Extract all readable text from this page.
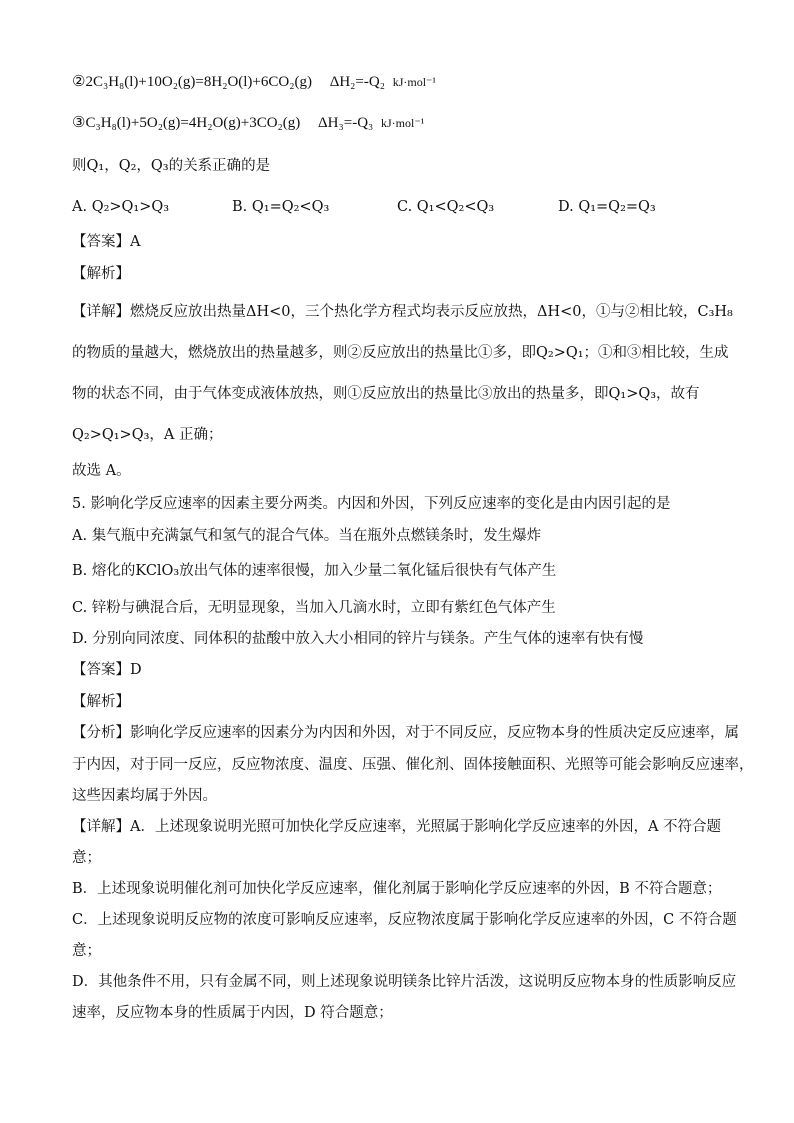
②2C₃H₈(l)+10O₂(g)=8H₂O(l)+6CO₂(g) ΔH₂=-Q₂ kJ·mol⁻¹
③C₃H₈(l)+5O₂(g)=4H₂O(g)+3CO₂(g) ΔH₃=-Q₃ kJ·mol⁻¹
则Q₁，Q₂，Q₃的关系正确的是
A. Q₂>Q₁>Q₃	B. Q₁=Q₂<Q₃	C. Q₁<Q₂<Q₃	D. Q₁=Q₂=Q₃
【答案】A
【解析】
【详解】燃烧反应放出热量ΔH<0，三个热化学方程式均表示反应放热，ΔH<0，①与②相比较，C₃H₈
的物质的量越大，燃烧放出的热量越多，则②反应放出的热量比①多，即Q₂>Q₁；①和③相比较，生成
物的状态不同，由于气体变成液体放热，则①反应放出的热量比③放出的热量多，即Q₁>Q₃，故有
Q₂>Q₁>Q₃，A 正确；
故选 A。
5. 影响化学反应速率的因素主要分两类。内因和外因，下列反应速率的变化是由内因引起的是
A. 集气瓶中充满氯气和氢气的混合气体。当在瓶外点燃镁条时，发生爆炸
B. 熔化的KClO₃放出气体的速率很慢，加入少量二氧化锰后很快有气体产生
C. 锌粉与碘混合后，无明显现象，当加入几滴水时，立即有紫红色气体产生
D. 分别向同浓度、同体积的盐酸中放入大小相同的锌片与镁条。产生气体的速率有快有慢
【答案】D
【解析】
【分析】影响化学反应速率的因素分为内因和外因，对于不同反应，反应物本身的性质决定反应速率，属
于内因，对于同一反应，反应物浓度、温度、压强、催化剂、固体接触面积、光照等可能会影响反应速率，
这些因素均属于外因。
【详解】A．上述现象说明光照可加快化学反应速率，光照属于影响化学反应速率的外因，A 不符合题
意；
B．上述现象说明催化剂可加快化学反应速率，催化剂属于影响化学反应速率的外因，B 不符合题意；
C．上述现象说明反应物的浓度可影响反应速率，反应物浓度属于影响化学反应速率的外因，C 不符合题
意；
D．其他条件不用，只有金属不同，则上述现象说明镁条比锌片活泼，这说明反应物本身的性质影响反应
速率，反应物本身的性质属于内因，D 符合题意；
